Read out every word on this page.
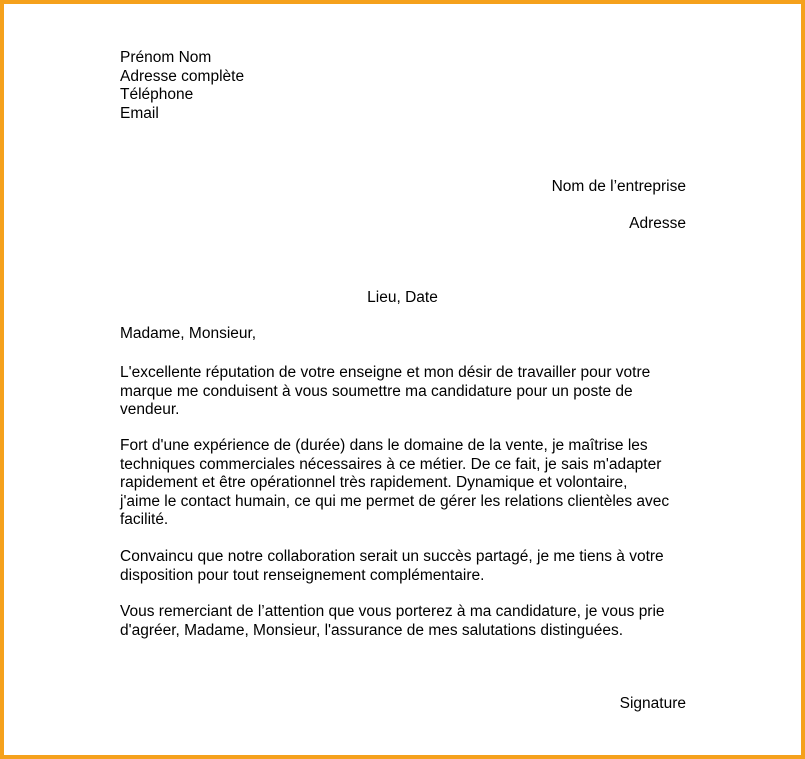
Prénom Nom
Adresse complète
Téléphone
Email
Nom de l’entreprise
Adresse
Lieu, Date
Madame, Monsieur,
L'excellente réputation de votre enseigne et mon désir de travailler pour votre
marque me conduisent à vous soumettre ma candidature pour un poste de
vendeur.
Fort d'une expérience de (durée) dans le domaine de la vente, je maîtrise les
techniques commerciales nécessaires à ce métier. De ce fait, je sais m'adapter
rapidement et être opérationnel très rapidement. Dynamique et volontaire,
j'aime le contact humain, ce qui me permet de gérer les relations clientèles avec
facilité.
Convaincu que notre collaboration serait un succès partagé, je me tiens à votre
disposition pour tout renseignement complémentaire.
Vous remerciant de l’attention que vous porterez à ma candidature, je vous prie
d'agréer, Madame, Monsieur, l'assurance de mes salutations distinguées.
Signature
